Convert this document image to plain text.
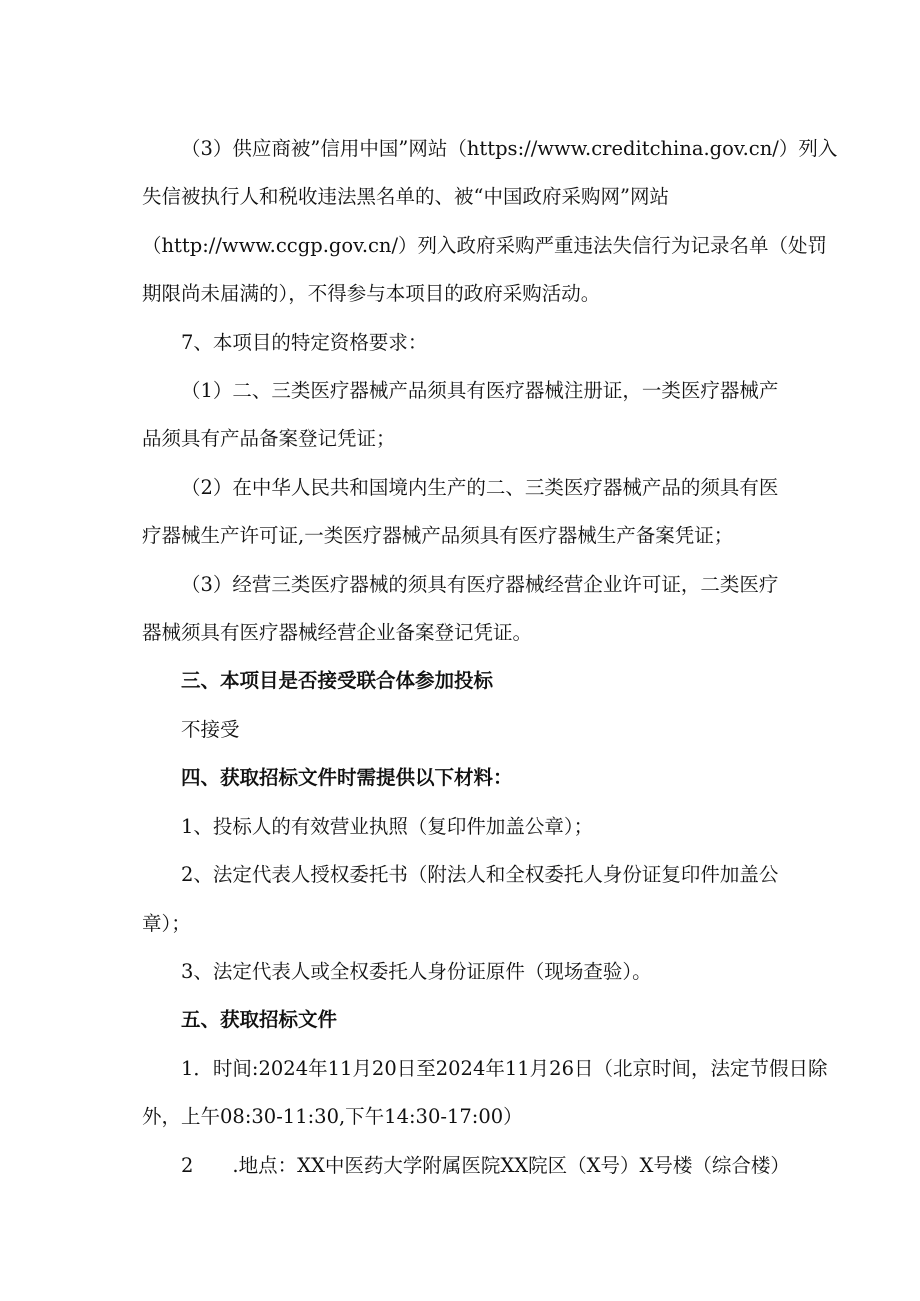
（3）供应商被”信用中国”网站（https://www.creditchina.gov.cn/）列入
失信被执行人和税收违法黑名单的、被“中国政府采购网”网站
（http://www.ccgp.gov.cn/）列入政府采购严重违法失信行为记录名单（处罚
期限尚未届满的），不得参与本项目的政府采购活动。
7、本项目的特定资格要求：
（1）二、三类医疗器械产品须具有医疗器械注册证，一类医疗器械产
品须具有产品备案登记凭证；
（2）在中华人民共和国境内生产的二、三类医疗器械产品的须具有医
疗器械生产许可证,一类医疗器械产品须具有医疗器械生产备案凭证；
（3）经营三类医疗器械的须具有医疗器械经营企业许可证，二类医疗
器械须具有医疗器械经营企业备案登记凭证。
三、本项目是否接受联合体参加投标
不接受
四、获取招标文件时需提供以下材料：
1、投标人的有效营业执照（复印件加盖公章）；
2、法定代表人授权委托书（附法人和全权委托人身份证复印件加盖公
章）；
3、法定代表人或全权委托人身份证原件（现场查验）。
五、获取招标文件
1．时间:2024年11月20日至2024年11月26日（北京时间，法定节假日除
外，上午08:30-11:30,下午14:30-17:00）
2　　.地点：XX中医药大学附属医院XX院区（X号）X号楼（综合楼）
